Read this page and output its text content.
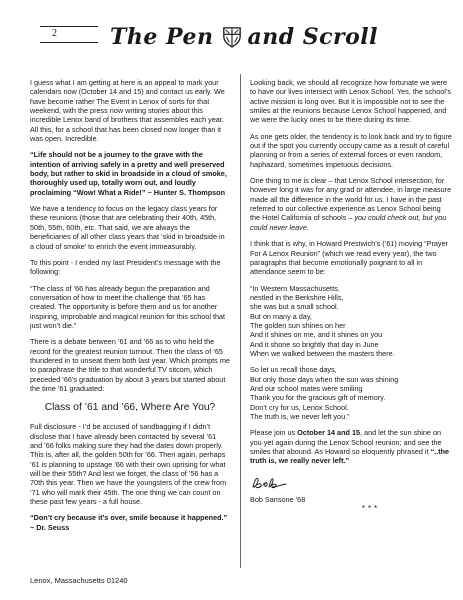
2 The Pen and Scroll

I guess what I am getting at here is an appeal to mark your calendars now (October 14 and 15) and contact us early. We have become rather The Event in Lenox of sorts for that weekend, with the press now writing stories about this incredible Lenox band of brothers that assembles each year. All this, for a school that has been closed now longer than it was open. Incredible.

“Life should not be a journey to the grave with the intention of arriving safely in a pretty and well preserved body, but rather to skid in broadside in a cloud of smoke, thoroughly used up, totally worn out, and loudly proclaiming “Wow! What a Ride!” ~ Hunter S. Thompson

We have a tendency to focus on the legacy class years for these reunions (those that are celebrating their 40th, 45th, 50th, 55th, 60th, etc. That said, we are always the beneficiaries of all other class years that ‘skid in broadside in a cloud of smoke’ to enrich the event immeasurably.

To this point - I ended my last President’s message with the following:

“The class of ’66 has already begun the preparation and conversation of how to meet the challenge that ’65 has created. The opportunity is before them and us for another inspiring, improbable and magical reunion for this school that just won’t die.”

There is a debate between ’61 and ’66 as to who held the record for the greatest reunion turnout. Then the class of ’65 thundered in to unseat them both last year. Which prompts me to paraphrase the title to that wonderful TV sitcom, which preceded ’66’s graduation by about 3 years but started about the time ’61 graduated:

Class of ’61 and ’66, Where Are You?

Full disclosure - I’d be accused of sandbagging if I didn’t disclose that I have already been contacted by several ’61 and ’66 folks making sure they had the dates down properly. This is, after all, the golden 50th for ’66. Then again, perhaps ’61 is planning to upstage ’66 with their own uprising for what will be their 55th? And lest we forget, the class of ’56 has a 70th this year. Then we have the youngsters of the crew from ’71 who will mark their 45th. The one thing we can count on these past few years - a full house.

“Don’t cry because it’s over, smile because it happened.” ~ Dr. Seuss

Looking back, we should all recognize how fortunate we were to have our lives intersect with Lenox School. Yes, the school’s active mission is long over. But it is impossible not to see the smiles at the reunions because Lenox School happened, and we were the lucky ones to be there during its time.

As one gets older, the tendency is to look back and try to figure out if the spot you currently occupy came as a result of careful planning or from a series of external forces or even random, haphazard, sometimes impetuous decisions.

One thing to me is clear – that Lenox School intersection, for however long it was for any grad or attendee, in large measure made all the difference in the world for us. I have in the past referred to our collective experience as Lenox School being the Hotel California of schools – you could check out, but you could never leave.

I think that is why, in Howard Prestwich’s (’61) moving “Prayer For A Lenox Reunion” (which we read every year), the two paragraphs that become emotionally poignant to all in attendance seem to be:

“In Western Massachusetts,
nestled in the Berkshire Hills,
she was but a small school.
But on many a day,
The golden sun shines on her
And it shines on me, and it shines on you
And it shone so brightly that day in June
When we walked between the masters there.
So let us recall those days,
But only those days when the sun was shining
And our school mates were smiling
Thank you for the gracious gift of memory.
Don’t cry for us, Lenox School.
The truth is, we never left you.”

Please join us October 14 and 15, and let the sun shine on you yet again during the Lenox School reunion; and see the smiles that abound. As Howard so eloquently phrased it “..the truth is, we really never left.”

Bob Sansone ’68
***
Lenox, Massachusetts 01240
